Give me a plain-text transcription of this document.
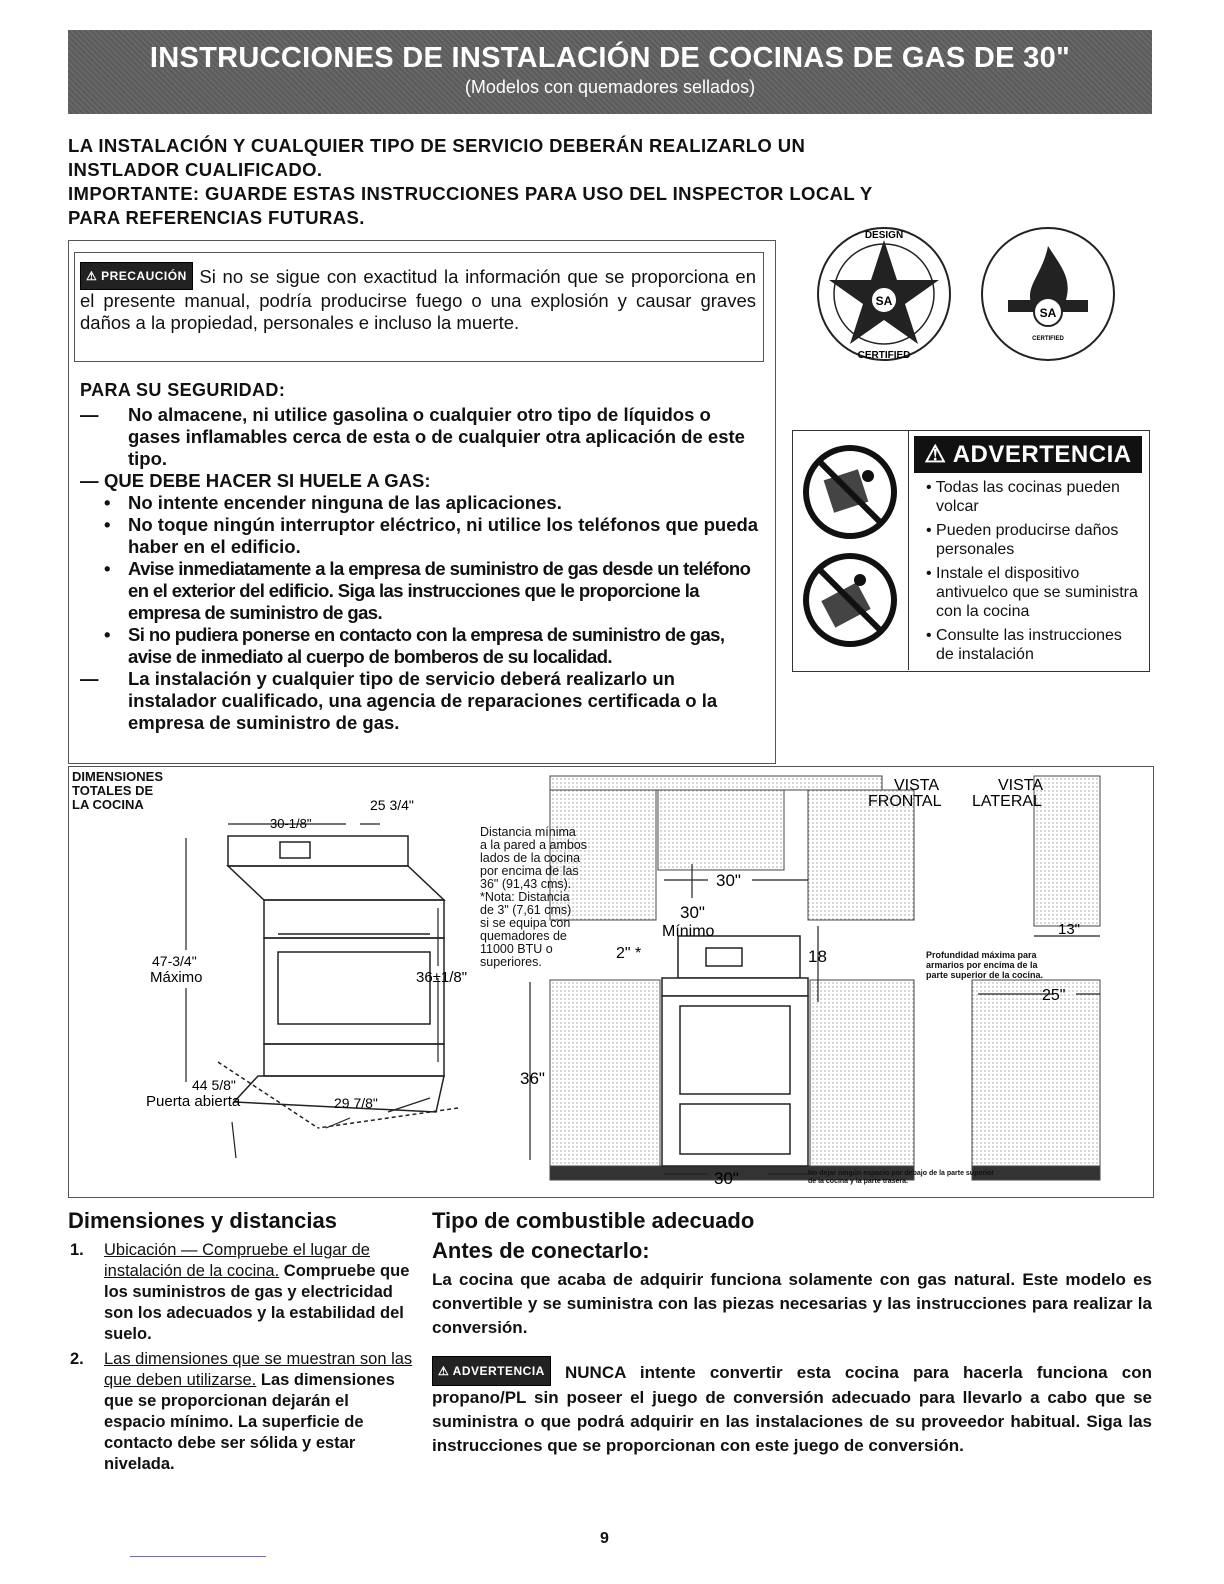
INSTRUCCIONES DE INSTALACIÓN DE COCINAS DE GAS DE 30"
(Modelos con quemadores sellados)
LA INSTALACIÓN Y CUALQUIER TIPO DE SERVICIO DEBERÁN REALIZARLO UN
INSTLADOR CUALIFICADO.
IMPORTANTE: GUARDE ESTAS INSTRUCCIONES PARA USO DEL INSPECTOR LOCAL Y
PARA REFERENCIAS FUTURAS.
⚠ PRECAUCIÓN Si no se sigue con exactitud la información que se proporciona en el presente manual, podría producirse fuego o una explosión y causar graves daños a la propiedad, personales e incluso la muerte.
PARA SU SEGURIDAD:
— No almacene, ni utilice gasolina o cualquier otro tipo de líquidos o gases inflamables cerca de esta o de cualquier otra aplicación de este tipo.
— QUE DEBE HACER SI HUELE A GAS:
• No intente encender ninguna de las aplicaciones.
• No toque ningún interruptor eléctrico, ni utilice los teléfonos que pueda haber en el edificio.
• Avise inmediatamente a la empresa de suministro de gas desde un teléfono en el exterior del edificio. Siga las instrucciones que le proporcione la empresa de suministro de gas.
• Si no pudiera ponerse en contacto con la empresa de suministro de gas, avise de inmediato al cuerpo de bomberos de su localidad.
— La instalación y cualquier tipo de servicio deberá realizarlo un instalador cualificado, una agencia de reparaciones certificada o la empresa de suministro de gas.
SA
DESIGN
CERTIFIED
SA
CERTIFIED
⚠ ADVERTENCIA
• Todas las cocinas pueden volcar
• Pueden producirse daños personales
• Instale el dispositivo antivuelco que se suministra con la cocina
• Consulte las instrucciones de instalación
30-1/8"
25 3/4"
47-3/4"
Máximo	36±1/8"
44 5/8"
Puerta abierta	29 7/8"
VISTA
FRONTAL
VISTA
LATERAL
30"
30"
Mínimo
2" *	18
36"
30"
13"
25"
DIMENSIONES
TOTALES DE
LA COCINA
Distancia mínima
a la pared a ambos
lados de la cocina
por encima de las
36" (91,43 cms).
*Nota: Distancia
de 3" (7,61 cms)
si se equipa con
quemadores de
11000 BTU o
superiores.	Profundidad máxima para
armarios por encima de la
parte superior de la cocina.
No dejar ningún espacio por debajo de la parte superior
de la cocina y la parte trasera.
Dimensiones y distancias
1. Ubicación — Compruebe el lugar de instalación de la cocina. Compruebe que los suministros de gas y electricidad son los adecuados y la estabilidad del suelo.
2. Las dimensiones que se muestran son las que deben utilizarse. Las dimensiones que se proporcionan dejarán el espacio mínimo. La superficie de contacto debe ser sólida y estar nivelada.
Tipo de combustible adecuado
Antes de conectarlo:
La cocina que acaba de adquirir funciona solamente con gas natural. Este modelo es convertible y se suministra con las piezas necesarias y las instrucciones para realizar la conversión.
⚠ ADVERTENCIA NUNCA intente convertir esta cocina para hacerla funciona con propano/PL sin poseer el juego de conversión adecuado para llevarlo a cabo que se suministra o que podrá adquirir en las instalaciones de su proveedor habitual. Siga las instrucciones que se proporcionan con este juego de conversión.
9
